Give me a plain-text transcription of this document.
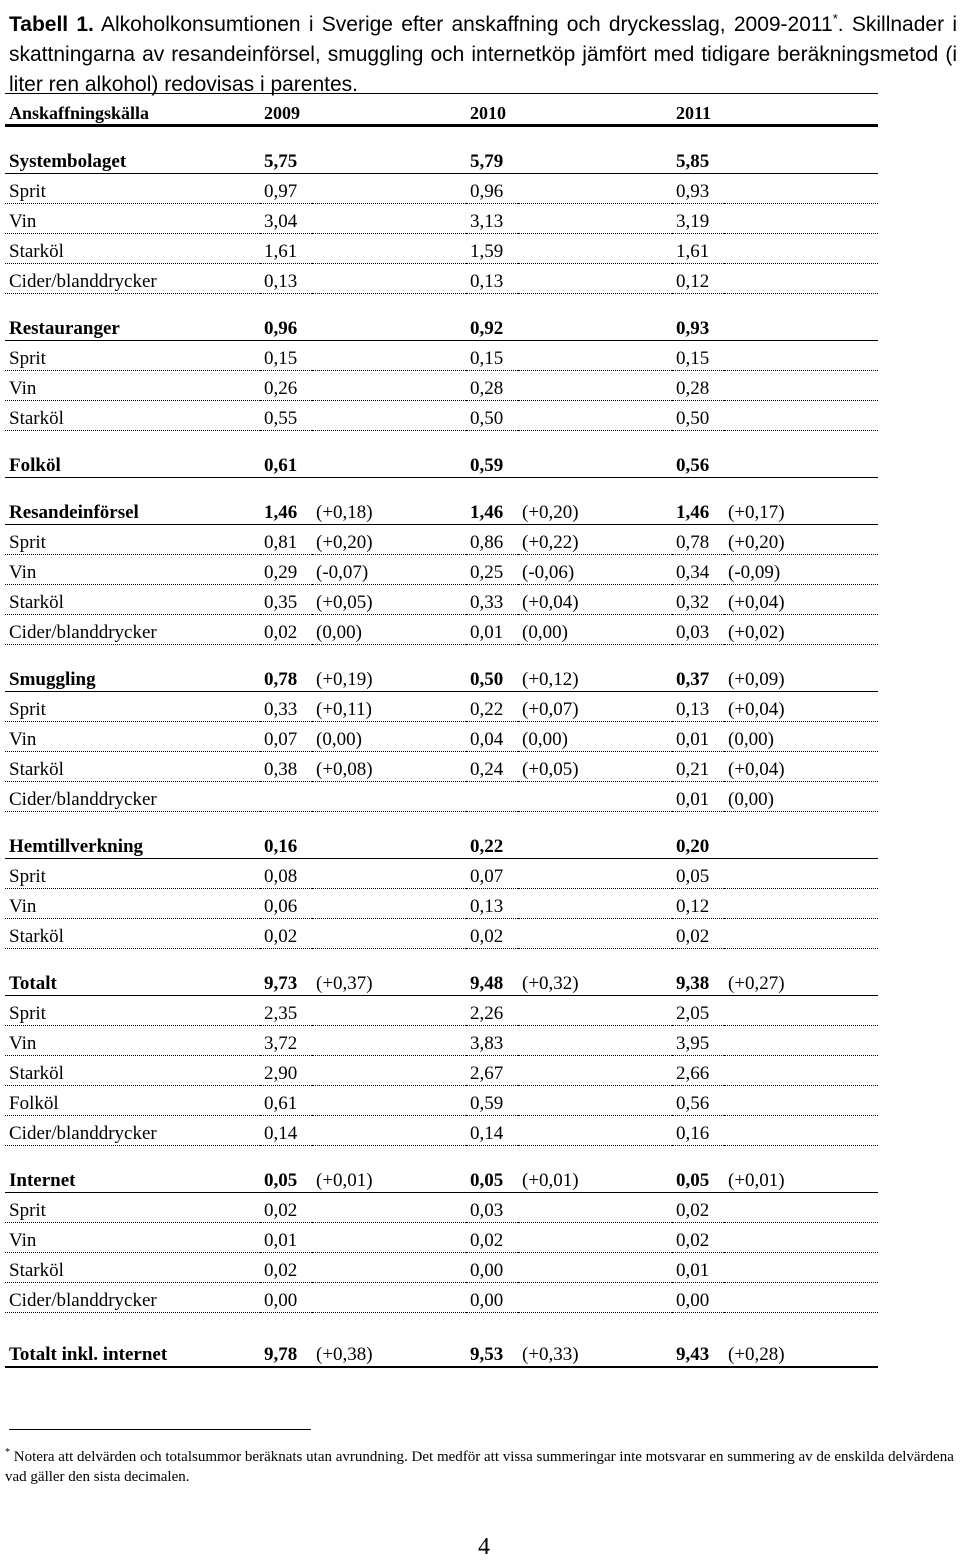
Tabell 1. Alkoholkonsumtionen i Sverige efter anskaffning och dryckesslag, 2009-2011*. Skillnader i skattningarna av resandeinförsel, smuggling och internetköp jämfört med tidigare beräkningsmetod (i liter ren alkohol) redovisas i parentes.

Anskaffningskälla	2009		2010		2011	

Systembolaget	5,75		5,79		5,85	
Sprit	0,97		0,96		0,93	
Vin	3,04		3,13		3,19	
Starköl	1,61		1,59		1,61	
Cider/blanddrycker	0,13		0,13		0,12	

Restauranger	0,96		0,92		0,93	
Sprit	0,15		0,15		0,15	
Vin	0,26		0,28		0,28	
Starköl	0,55		0,50		0,50	

Folköl	0,61		0,59		0,56	

Resandeinförsel	1,46	(+0,18)	1,46	(+0,20)	1,46	(+0,17)
Sprit	0,81	(+0,20)	0,86	(+0,22)	0,78	(+0,20)
Vin	0,29	(-0,07)	0,25	(-0,06)	0,34	(-0,09)
Starköl	0,35	(+0,05)	0,33	(+0,04)	0,32	(+0,04)
Cider/blanddrycker	0,02	(0,00)	0,01	(0,00)	0,03	(+0,02)

Smuggling	0,78	(+0,19)	0,50	(+0,12)	0,37	(+0,09)
Sprit	0,33	(+0,11)	0,22	(+0,07)	0,13	(+0,04)
Vin	0,07	(0,00)	0,04	(0,00)	0,01	(0,00)
Starköl	0,38	(+0,08)	0,24	(+0,05)	0,21	(+0,04)
Cider/blanddrycker					0,01	(0,00)

Hemtillverkning	0,16		0,22		0,20	
Sprit	0,08		0,07		0,05	
Vin	0,06		0,13		0,12	
Starköl	0,02		0,02		0,02	

Totalt	9,73	(+0,37)	9,48	(+0,32)	9,38	(+0,27)
Sprit	2,35		2,26		2,05	
Vin	3,72		3,83		3,95	
Starköl	2,90		2,67		2,66	
Folköl	0,61		0,59		0,56	
Cider/blanddrycker	0,14		0,14		0,16	

Internet	0,05	(+0,01)	0,05	(+0,01)	0,05	(+0,01)
Sprit	0,02		0,03		0,02	
Vin	0,01		0,02		0,02	
Starköl	0,02		0,00		0,01	
Cider/blanddrycker	0,00		0,00		0,00	

Totalt inkl. internet	9,78	(+0,38)	9,53	(+0,33)	9,43	(+0,28)

* Notera att delvärden och totalsummor beräknats utan avrundning. Det medför att vissa summeringar inte motsvarar en summering av de enskilda delvärdena vad gäller den sista decimalen.

4
